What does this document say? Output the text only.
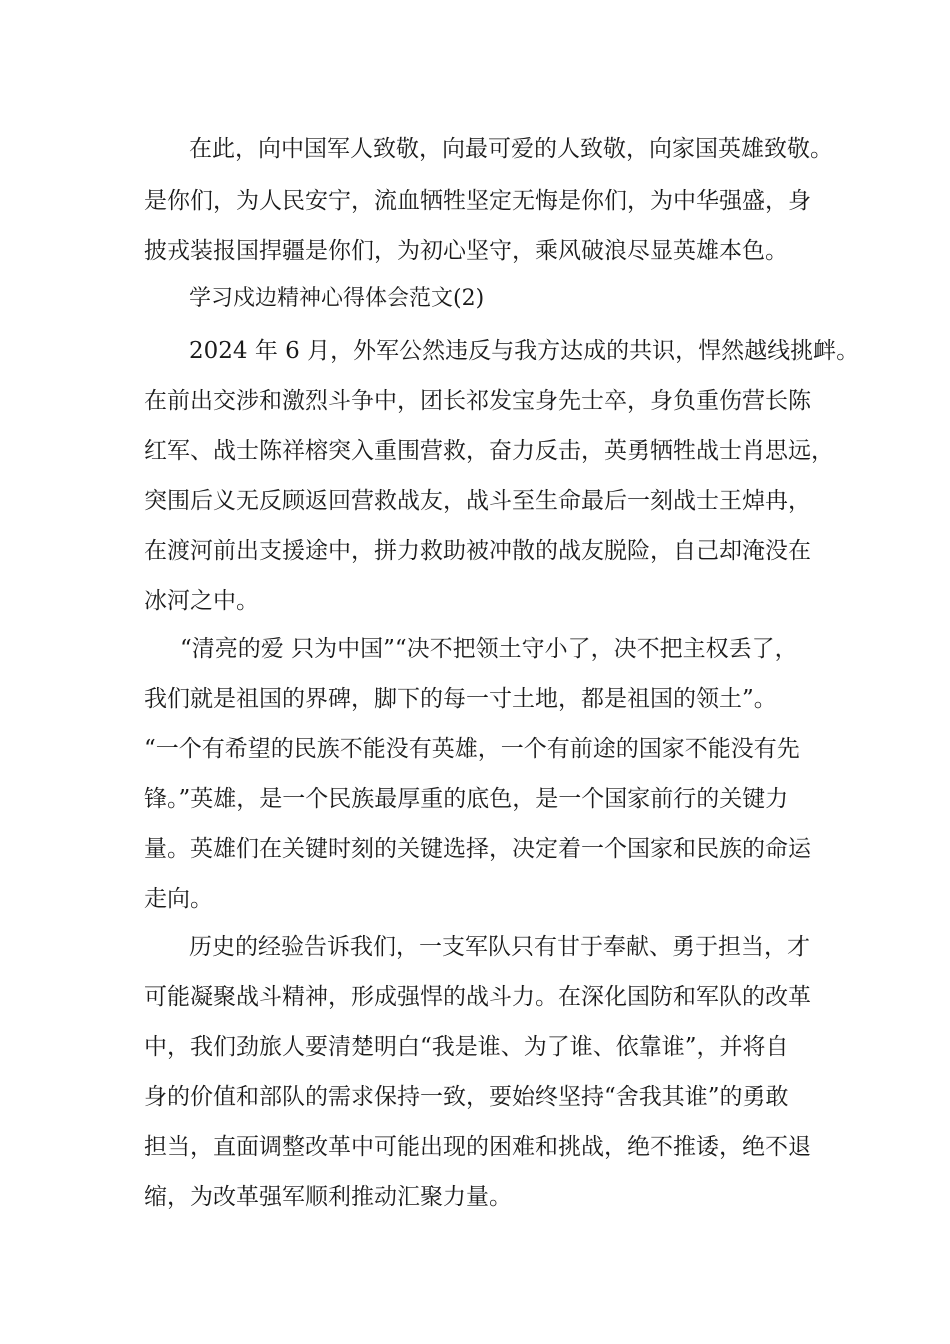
在此，向中国军人致敬，向最可爱的人致敬，向家国英雄致敬。
是你们，为人民安宁，流血牺牲坚定无悔是你们，为中华强盛，身
披戎装报国捍疆是你们，为初心坚守，乘风破浪尽显英雄本色。
学习戍边精神心得体会范文(2)
2024 年 6 月，外军公然违反与我方达成的共识，悍然越线挑衅。
在前出交涉和激烈斗争中，团长祁发宝身先士卒，身负重伤营长陈
红军、战士陈祥榕突入重围营救，奋力反击，英勇牺牲战士肖思远，
突围后义无反顾返回营救战友，战斗至生命最后一刻战士王焯冉，
在渡河前出支援途中，拼力救助被冲散的战友脱险，自己却淹没在
冰河之中。
“清亮的爱 只为中国”“决不把领土守小了，决不把主权丢了，
我们就是祖国的界碑，脚下的每一寸土地，都是祖国的领土”。
“一个有希望的民族不能没有英雄，一个有前途的国家不能没有先
锋。”英雄，是一个民族最厚重的底色，是一个国家前行的关键力
量。英雄们在关键时刻的关键选择，决定着一个国家和民族的命运
走向。
历史的经验告诉我们，一支军队只有甘于奉献、勇于担当，才
可能凝聚战斗精神，形成强悍的战斗力。在深化国防和军队的改革
中，我们劲旅人要清楚明白“我是谁、为了谁、依靠谁”，并将自
身的价值和部队的需求保持一致，要始终坚持“舍我其谁”的勇敢
担当，直面调整改革中可能出现的困难和挑战，绝不推诿，绝不退
缩，为改革强军顺利推动汇聚力量。
